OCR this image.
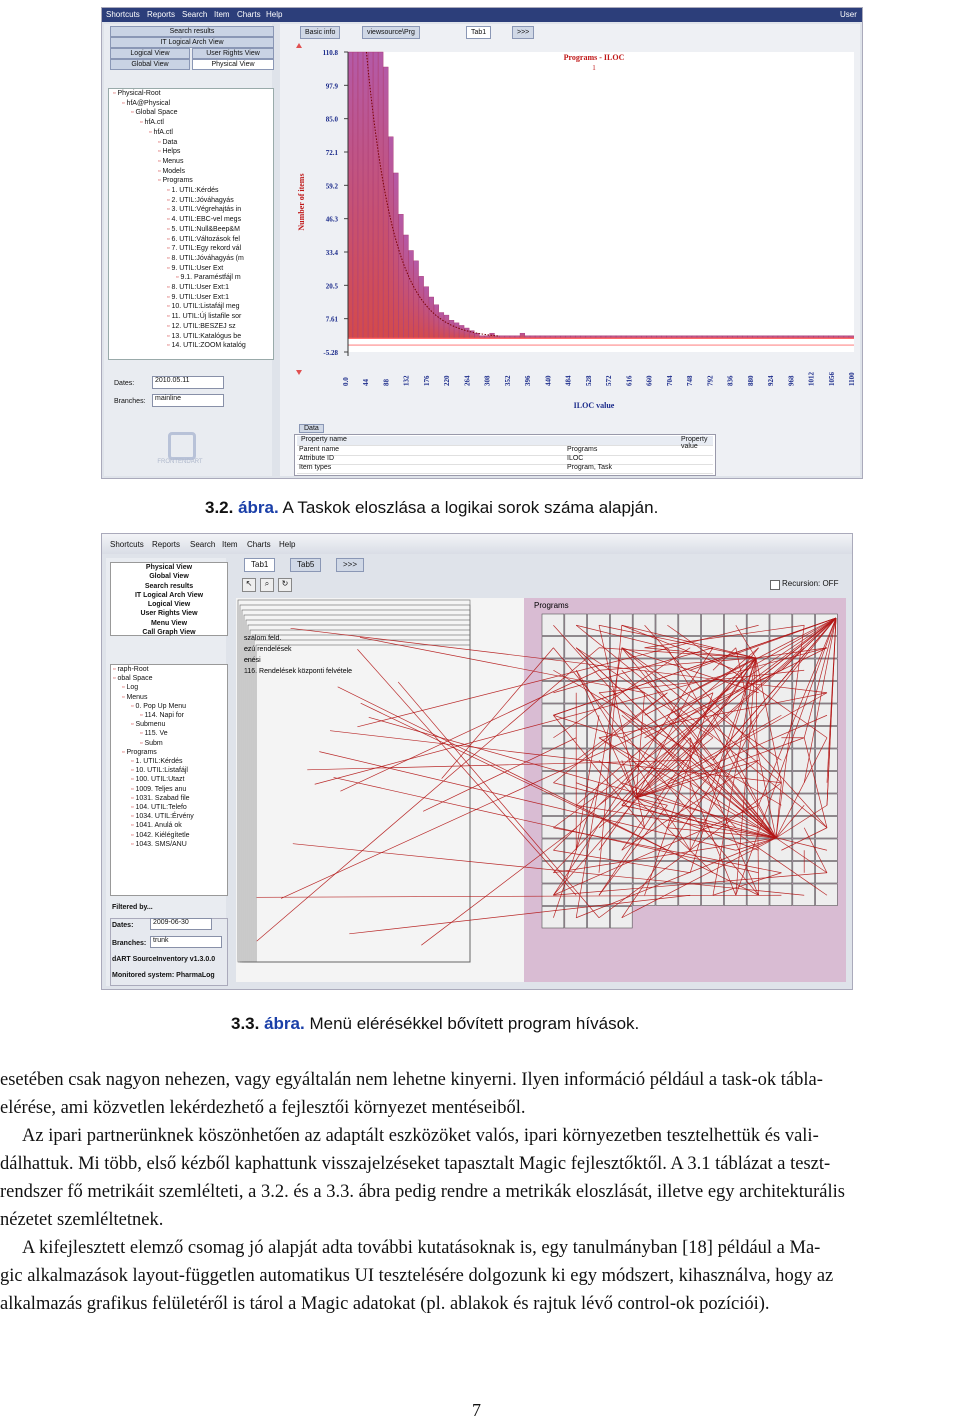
Shortcuts Reports Search Item Charts Help	User
Search results
IT Logical Arch View
Logical View	User Rights View
Global View	Physical View
▫ Physical-Root
▫ hfA@Physical
▫ Global Space
▫ hfA.ctl
▫ hfA.ctl
▫ Data
▫ Helps
▫ Menus
▫ Models
▫ Programs
▫ 1. UTIL:Kérdés
▫ 2. UTIL:Jóváhagyás
▫ 3. UTIL:Végrehajtás in
▫ 4. UTIL:EBC-vel megs
▫ 5. UTIL:Null&Beep&M
▫ 6. UTIL:Változások fel
▫ 7. UTIL:Egy rekord vál
▫ 8. UTIL:Jóváhagyás (m
▫ 9. UTIL:User Ext
▫ 9.1. Paraméstfájl m
▫ 8. UTIL:User Ext:1
▫ 9. UTIL:User Ext:1
▫ 10. UTIL:Listafájl meg
▫ 11. UTIL:Új listafile sor
▫ 12. UTIL:BESZEJ sz
▫ 13. UTIL:Katalógus be
▫ 14. UTIL:ZOOM katalóg
Dates:	2010.05.11
Branches:	mainline
FRONTENDART
Basic info	viewsource\Prg	Tab1	>>>
110.8
97.9
85.0
72.1
59.2
46.3
33.4
20.5
7.61
-5.28
0.0 44 88 132 176 220 264 308 352 396 440 484 528 572 616 660 704 748 792 836 880 924 968 1012 1056 1100
Programs - ILOC
1
ILOC value
Number of items
Data
Property name	Property value
Parent name	Programs
Attribute ID	ILOC
Item types	Program, Task
3.2. ábra. A Taskok eloszlása a logikai sorok száma alapján.
Shortcuts Reports Search Item Charts Help
Physical View
Global View
Search results
IT Logical Arch View
Logical View
User Rights View
Menu View
Call Graph View
▫ raph-Root
▫ obal Space
▫ Log
▫ Menus
▫ 0. Pop Up Menu
▫ 114. Napi for
▫ Submenu
▫ 115. Ve
▫ Subm
▫ Programs
▫ 1. UTIL:Kérdés
▫ 10. UTIL:Listafájl
▫ 100. UTIL:Utazt
▫ 1009. Teljes anu
▫ 1031. Szabad file
▫ 104. UTIL:Telefo
▫ 1034. UTIL:Érvény
▫ 1041. Anulá ok
▫ 1042. Kiélégítetle
▫ 1043. SMS/ANU
Filtered by...
Dates:	2009-06-30
Branches: trunk
dART SourceInventory v1.3.0.0
Monitored system: PharmaLog
Tab1	Tab5	>>>
↖	⌕	↻	Recursion: OFF
Programs
szalom feld.
ezú rendelések
enési
116. Rendelések központi felvétele
3.3. ábra. Menü elérésékkel bővített program hívások.
esetében csak nagyon nehezen, vagy egyáltalán nem lehetne kinyerni. Ilyen információ például a task-ok tábla-
elérése, ami közvetlen lekérdezhető a fejlesztői környezet mentéseiből.
Az ipari partnerünknek köszönhetően az adaptált eszközöket valós, ipari környezetben tesztelhettük és vali-
dálhattuk. Mi több, első kézből kaphattunk visszajelzéseket tapasztalt Magic fejlesztőktől. A 3.1 táblázat a teszt-
rendszer fő metrikáit szemlélteti, a 3.2. és a 3.3. ábra pedig rendre a metrikák eloszlását, illetve egy architekturális
nézetet szemléltetnek.
A kifejlesztett elemző csomag jó alapját adta további kutatásoknak is, egy tanulmányban [18] például a Ma-
gic alkalmazások layout-független automatikus UI tesztelésére dolgozunk ki egy módszert, kihasználva, hogy az
alkalmazás grafikus felületéről is tárol a Magic adatokat (pl. ablakok és rajtuk lévő control-ok pozíciói).
7
